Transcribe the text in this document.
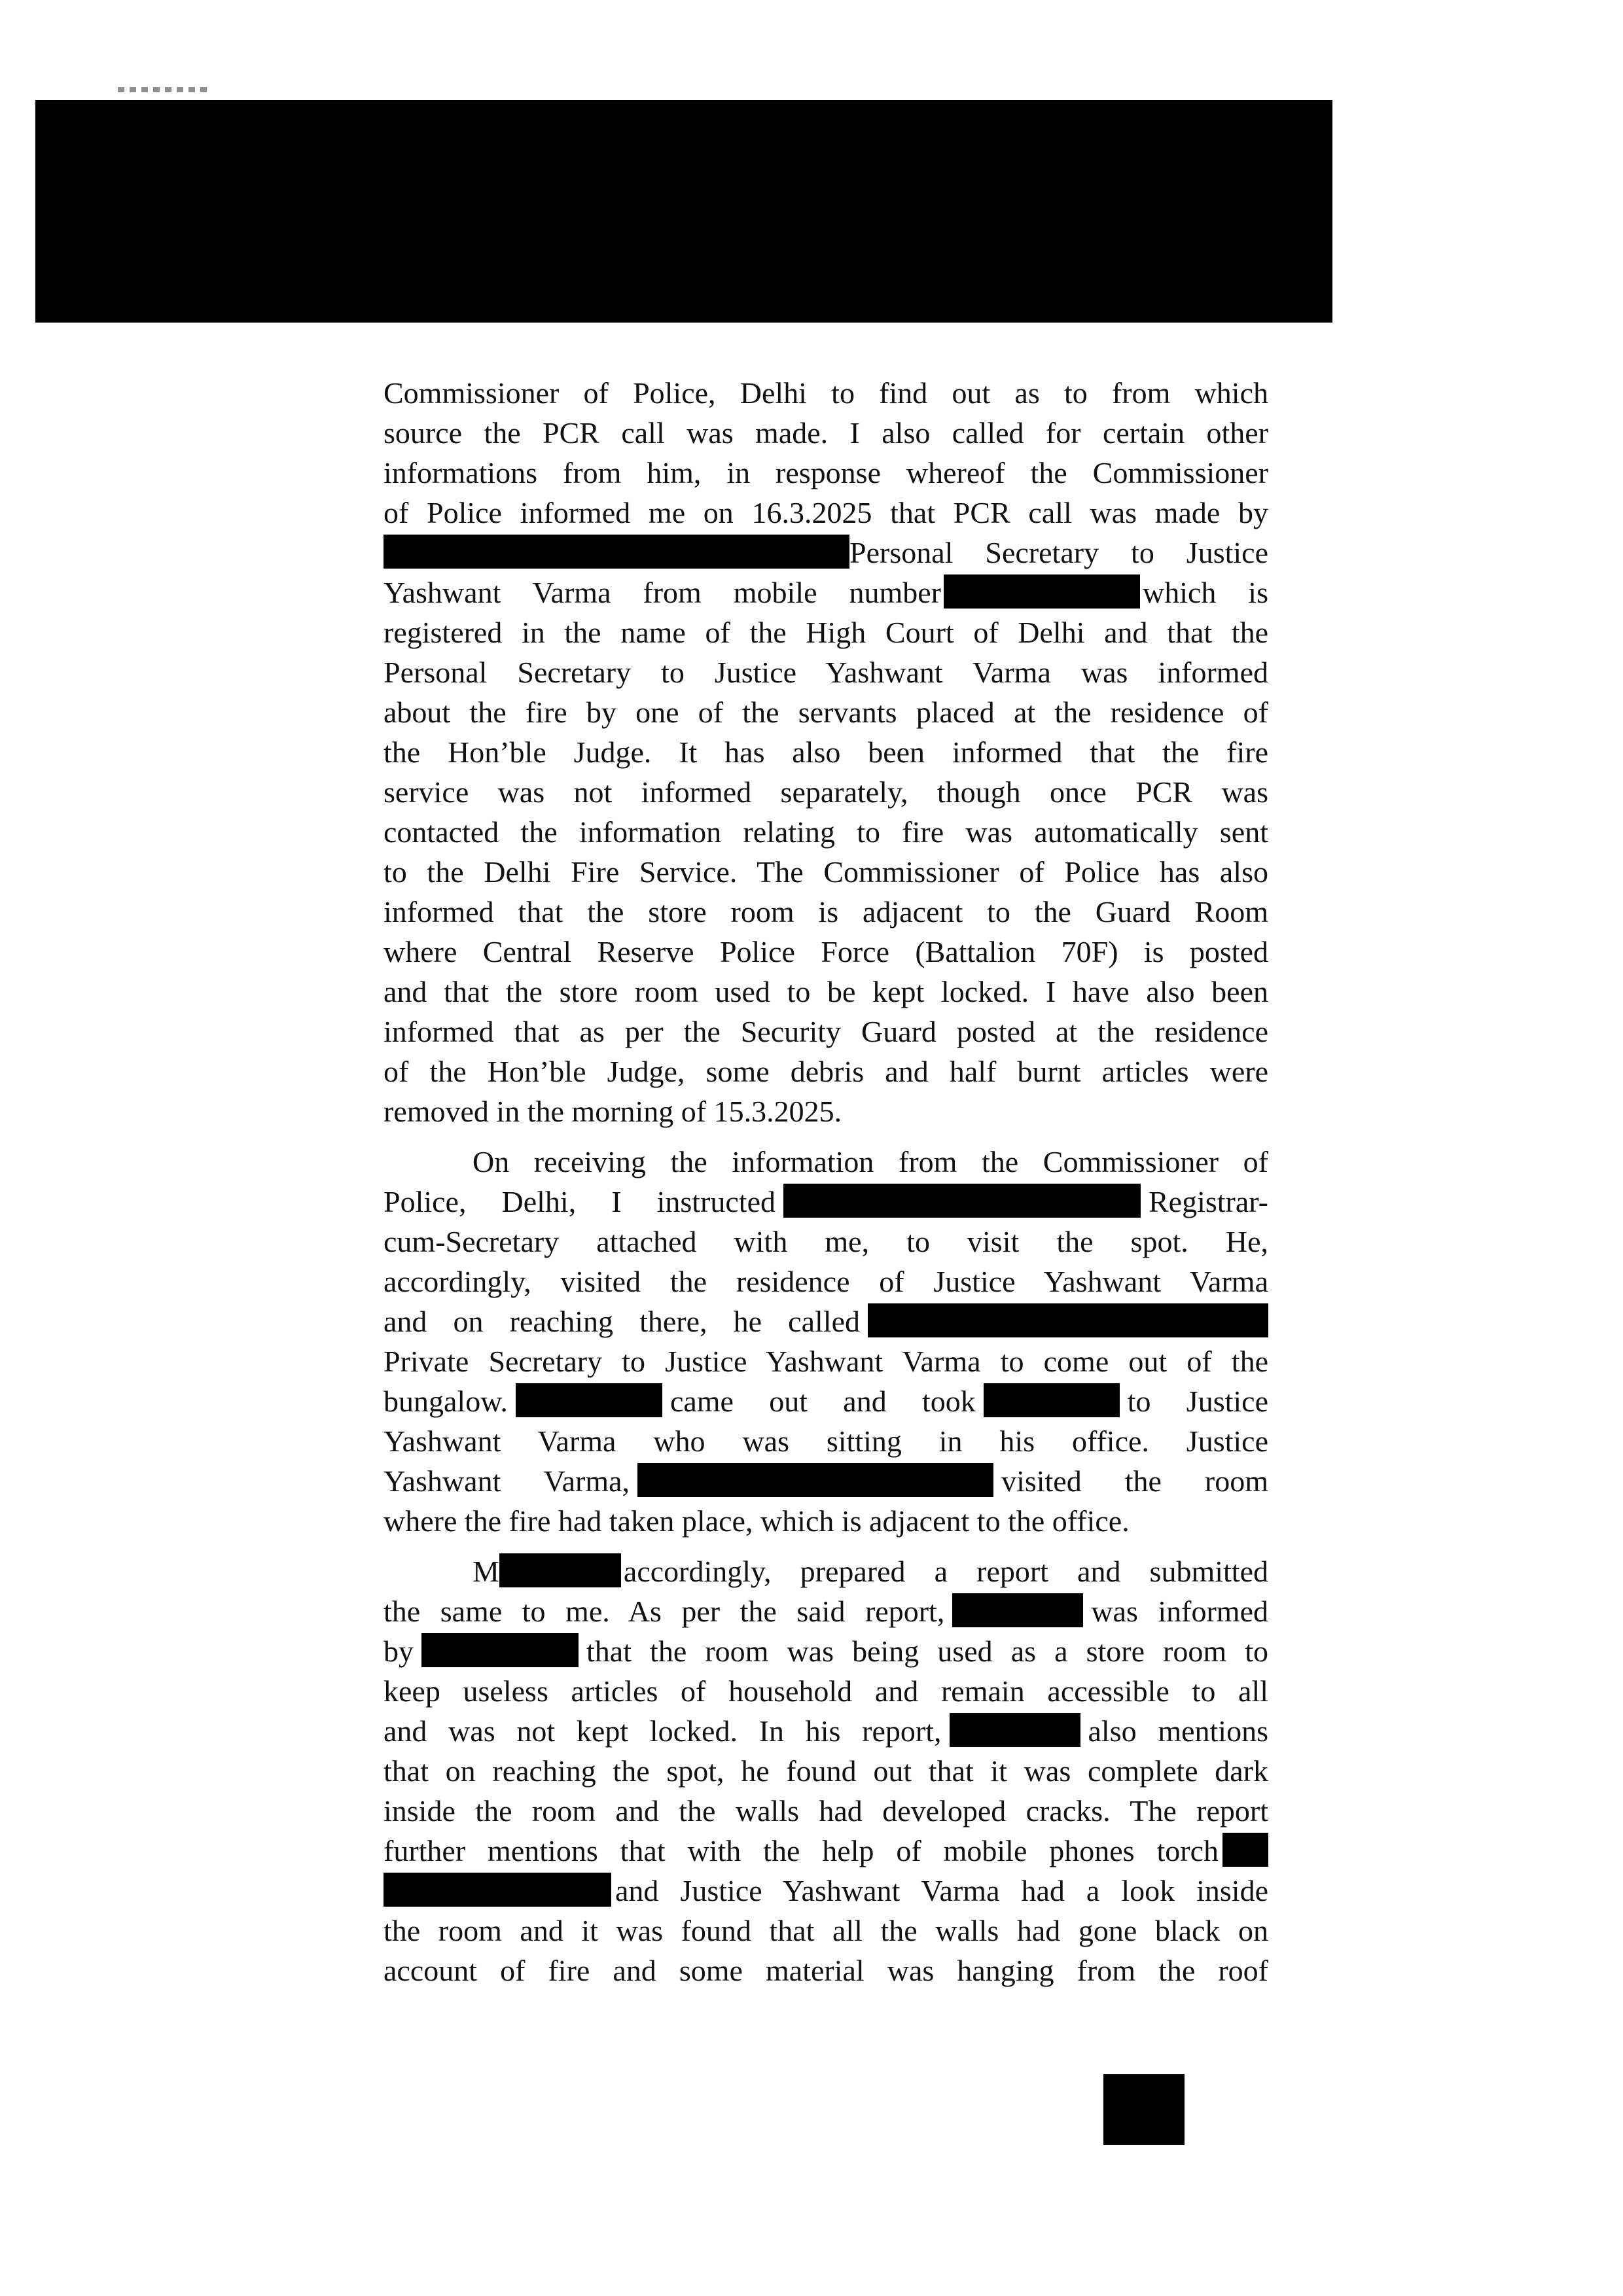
Commissioner of Police, Delhi to find out as to from which
source the PCR call was made. I also called for certain other
informations from him, in response whereof the Commissioner
of Police informed me on 16.3.2025 that PCR call was made by
Personal Secretary to Justice
Yashwant Varma from mobile number	which is
registered in the name of the High Court of Delhi and that the
Personal Secretary to Justice Yashwant Varma was informed
about the fire by one of the servants placed at the residence of
the Hon’ble Judge. It has also been informed that the fire
service was not informed separately, though once PCR was
contacted the information relating to fire was automatically sent
to the Delhi Fire Service. The Commissioner of Police has also
informed that the store room is adjacent to the Guard Room
where Central Reserve Police Force (Battalion 70F) is posted
and that the store room used to be kept locked. I have also been
informed that as per the Security Guard posted at the residence
of the Hon’ble Judge, some debris and half burnt articles were
removed in the morning of 15.3.2025.

On receiving the information from the Commissioner of
Police, Delhi, I instructed	Registrar-
cum-Secretary attached with me, to visit the spot. He,
accordingly, visited the residence of Justice Yashwant Varma
and on reaching there, he called
Private Secretary to Justice Yashwant Varma to come out of the
bungalow.	came out and took	to Justice
Yashwant Varma who was sitting in his office. Justice
Yashwant Varma,	visited the room
where the fire had taken place, which is adjacent to the office.

M	accordingly, prepared a report and submitted
the same to me. As per the said report,	was informed
by	that the room was being used as a store room to
keep useless articles of household and remain accessible to all
and was not kept locked. In his report,	also mentions
that on reaching the spot, he found out that it was complete dark
inside the room and the walls had developed cracks. The report
further mentions that with the help of mobile phones torch
and Justice Yashwant Varma had a look inside
the room and it was found that all the walls had gone black on
account of fire and some material was hanging from the roof
